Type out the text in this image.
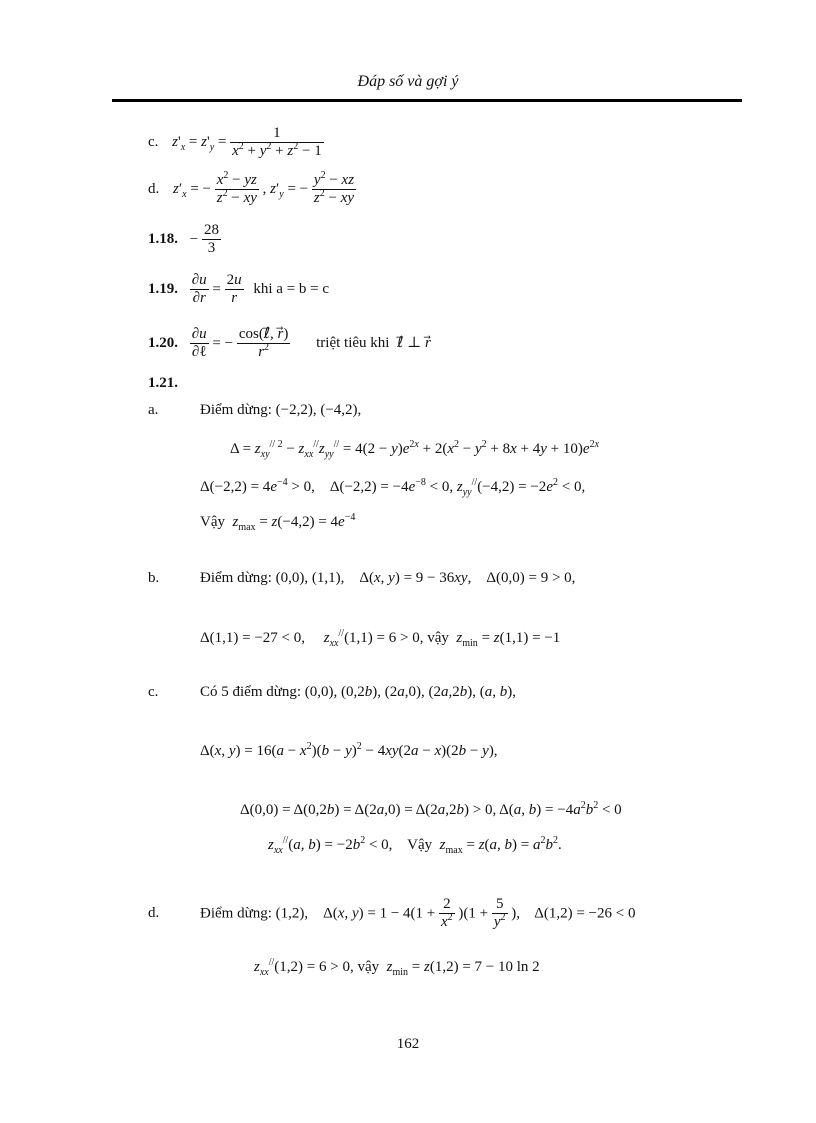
Đáp số và gợi ý
c. $z'_x = z'_y = \frac{1}{x^2 + y^2 + z^2 - 1}$
d. $z'_x$ = − $\frac{x^2 - yz}{z^2 - xy}$ , $z'_y$ = − $\frac{y^2 - xz}{z^2 - xy}$
1.18. − $\frac{28}{3}$
1.19. $\frac{\partial u}{\partial r} = \frac{2u}{r}$ khi a = b = c
1.20. $\frac{\partial u}{\text{∂ℓ}}$ = − $\frac{\text{cos(ℓ⃗, r⃗)}}{r^2}$ triệt tiêu khi ℓ⃗ ⊥ r
1.21.
a.	Điểm dừng: (−2,2), (−4,2),
$\Delta = z_{xy}^{// 2} - z_{xx}^{//}z_{yy}^{//} = 4(2 - y)e^{2x} + 2(x^2 - y^2 + 8x + 4y + 10)e^{2x}$
$\Delta(-2,2) = 4e^{-4} > 0$,    $\Delta(-2,2) = -4e^{-8} < 0$, $z_{yy}^{//}(-4,2) = -2e^2 < 0$,
Vậy $z_{max} = z(-4,2) = 4e^{-4}$
b.	Điểm dừng: (0,0), (1,1),    Δ(x, y) = 9 − 36xy,    Δ(0,0) = 9 > 0,
Δ(1,1) = −27 < 0,     $z_{xx}^{//}(1,1) = 6 > 0$, vậy $z_{min} = z(1,1) = -1$
c.	Có 5 điểm dừng: (0,0), (0,2b), (2a,0), (2a,2b), (a, b),
Δ(x, $y) = 16(a - x^2)(b - y)^2 - 4xy(2a - x)(2b - y)$,
Δ(0,0) = Δ(0,2b) = Δ(2a,0) = Δ(2a,2b) > 0, Δ(a, $b) = -4a^2b^2 < 0$
$z_{xx}^{//}(a$, $b) = -2b^2 < 0$,    Vậy $z_{max} = z(a$, $b) = a^2b^2$.
d.	Điểm dừng: (1,2),    Δ(x, $y) = 1 - 4(1 + \frac{2}{x^2} )(1 + \frac{5}{y^2}$ ),    Δ(1,2) = −26 < 0
$z_{xx}^{//}(1,2) = 6 > 0$, vậy $z_{min} = z(1,2) = 7 - 10$ ln 2
162
